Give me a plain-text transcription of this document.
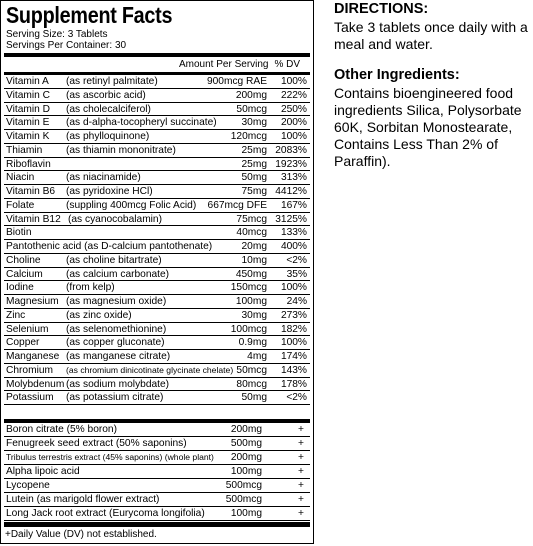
Supplement Facts
Serving Size: 3 Tablets
Servings Per Container: 30
Amount Per Serving % DV
Vitamin A (as retinyl palmitate)	900mcg RAE 100%
Vitamin C (as ascorbic acid)	200mg 222%
Vitamin D (as cholecalciferol)	50mcg 250%
Vitamin E (as d-alpha-tocopheryl succinate) 30mg 200%
Vitamin K (as phylloquinone)	120mcg 100%
Thiamin (as thiamin mononitrate)	25mg 2083%
Riboflavin	25mg 1923%
Niacin	(as niacinamide)	50mg 313%
Vitamin B6 (as pyridoxine HCl)	75mg 4412%
Folate	(suppling 400mcg Folic Acid) 667mcg DFE 167%
Vitamin B12 (as cyanocobalamin)	75mcg 3125%
Biotin	40mcg 133%
Pantothenic acid (as D-calcium pantothenate)	20mg 400%
Choline (as choline bitartrate)	10mg <2%
Calcium (as calcium carbonate)	450mg 35%
Iodine	(from kelp)	150mcg 100%
Magnesium (as magnesium oxide)	100mg 24%
Zinc	(as zinc oxide)	30mg 273%
Selenium (as selenomethionine)	100mcg 182%
Copper	(as copper gluconate)	0.9mg 100%
Manganese (as manganese citrate)	4mg 174%
Chromium (as chromium dinicotinate glycinate chelate) 50mcg 143%
Molybdenum (as sodium molybdate)	80mcg 178%
Potassium (as potassium citrate)	50mg <2%
Boron citrate (5% boron)	200mg	+
Fenugreek seed extract (50% saponins)	500mg	+
Tribulus terrestris extract (45% saponins) (whole plant) 200mg	+
Alpha lipoic acid	100mg	+
Lycopene	500mcg	+
Lutein (as marigold flower extract)	500mcg	+
Long Jack root extract (Eurycoma longifolia)	100mg	+
+Daily Value (DV) not established.
DIRECTIONS:
Take 3 tablets once daily with a meal and water.
Other Ingredients:
Contains bioengineered food ingredients Silica, Polysorbate 60K, Sorbitan Monostearate, Contains Less Than 2% of Paraffin).
